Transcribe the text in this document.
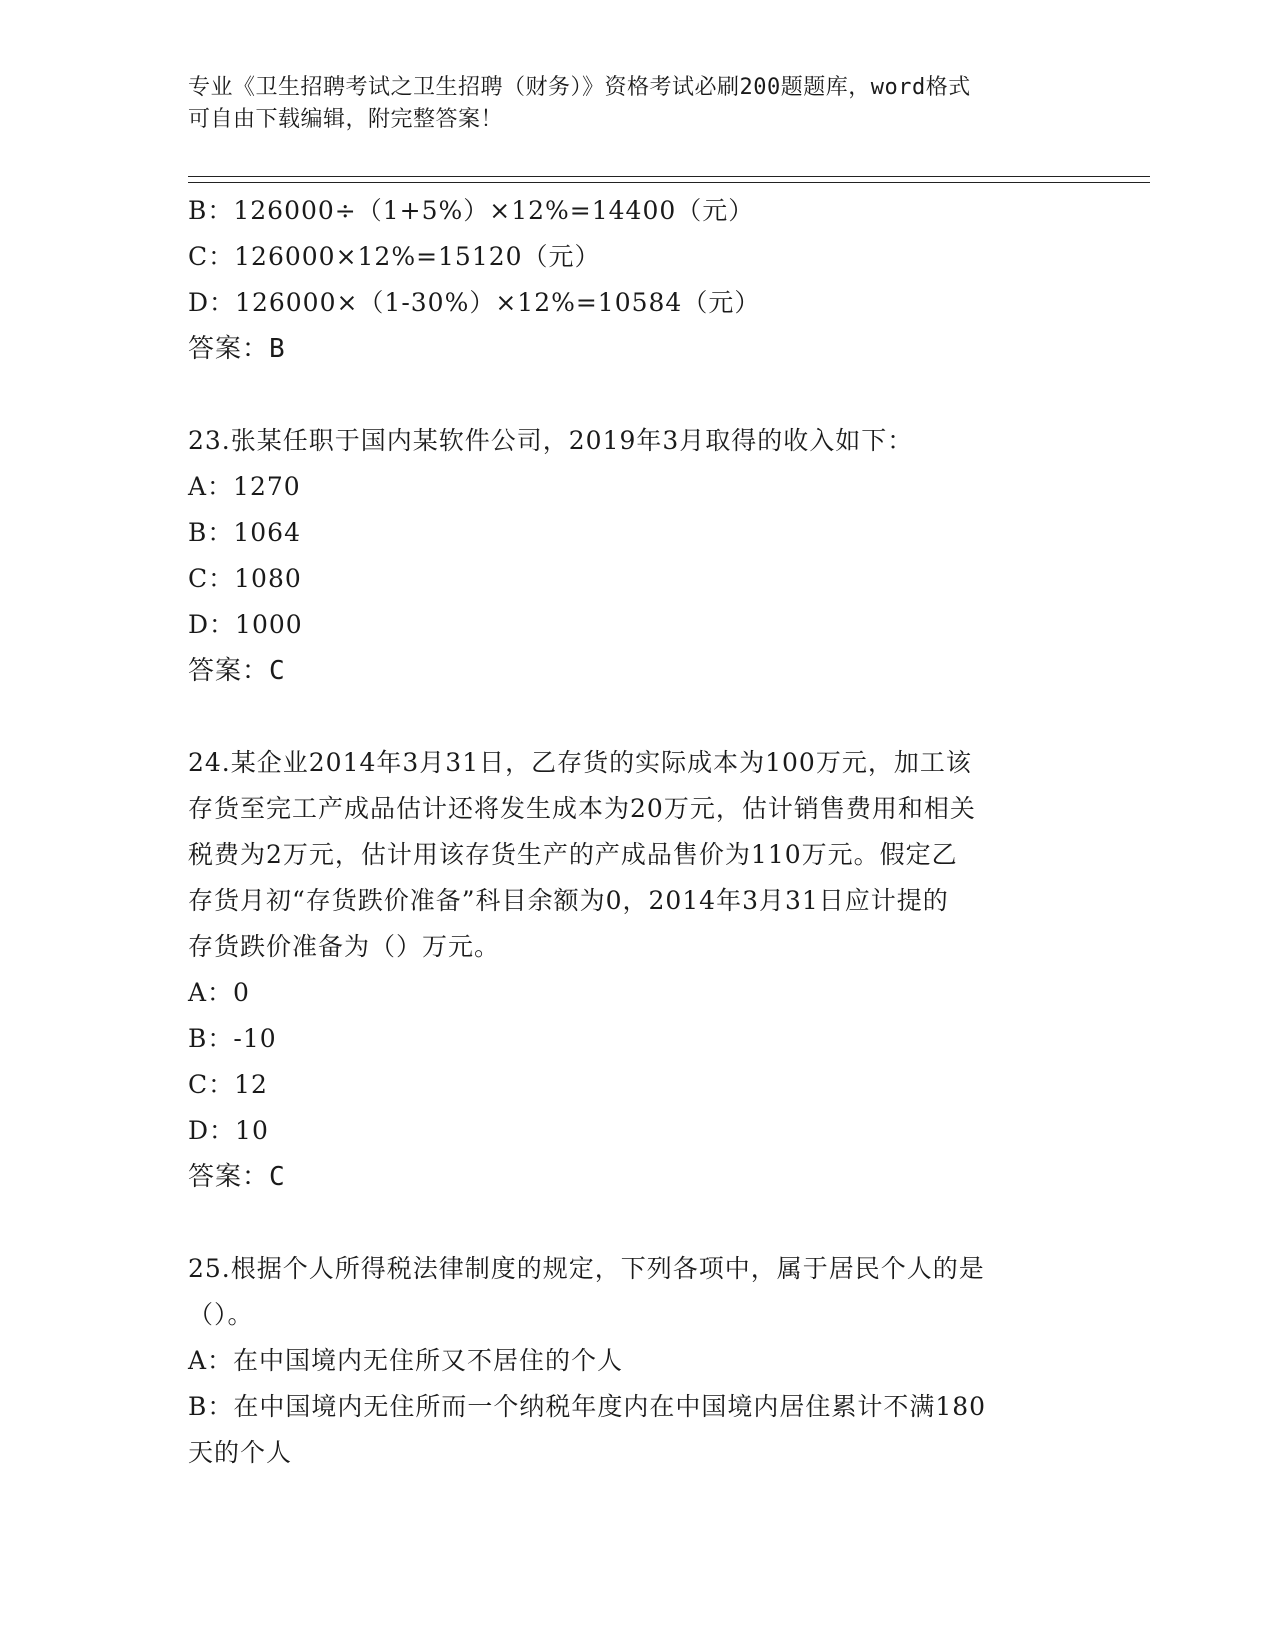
专业《卫生招聘考试之卫生招聘（财务）》资格考试必刷200题题库，word格式
可自由下载编辑，附完整答案！
B：126000÷（1+5%）×12%=14400（元）
C：126000×12%=15120（元）
D：126000×（1-30%）×12%=10584（元）
答案：B
23.张某任职于国内某软件公司，2019年3月取得的收入如下：
A：1270
B：1064
C：1080
D：1000
答案：C
24.某企业2014年3月31日，乙存货的实际成本为100万元，加工该
存货至完工产成品估计还将发生成本为20万元，估计销售费用和相关
税费为2万元，估计用该存货生产的产成品售价为110万元。假定乙
存货月初“存货跌价准备”科目余额为0，2014年3月31日应计提的
存货跌价准备为（）万元。
A：0
B：-10
C：12
D：10
答案：C
25.根据个人所得税法律制度的规定，下列各项中，属于居民个人的是
（）。
A：在中国境内无住所又不居住的个人
B：在中国境内无住所而一个纳税年度内在中国境内居住累计不满180
天的个人
